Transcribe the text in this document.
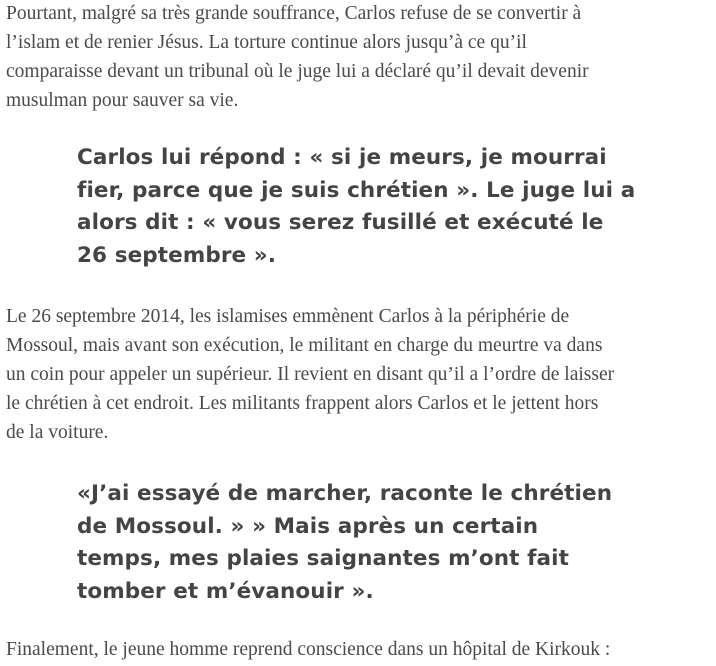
Pourtant, malgré sa très grande souffrance, Carlos refuse de se convertir à
l’islam et de renier Jésus. La torture continue alors jusqu’à ce qu’il
comparaisse devant un tribunal où le juge lui a déclaré qu’il devait devenir
musulman pour sauver sa vie.

Carlos lui répond : « si je meurs, je mourrai
fier, parce que je suis chrétien ». Le juge lui a
alors dit : « vous serez fusillé et exécuté le
26 septembre ».

Le 26 septembre 2014, les islamises emmènent Carlos à la périphérie de
Mossoul, mais avant son exécution, le militant en charge du meurtre va dans
un coin pour appeler un supérieur. Il revient en disant qu’il a l’ordre de laisser
le chrétien à cet endroit. Les militants frappent alors Carlos et le jettent hors
de la voiture.

«J’ai essayé de marcher, raconte le chrétien
de Mossoul. » » Mais après un certain
temps, mes plaies saignantes m’ont fait
tomber et m’évanouir ».

Finalement, le jeune homme reprend conscience dans un hôpital de Kirkouk :
